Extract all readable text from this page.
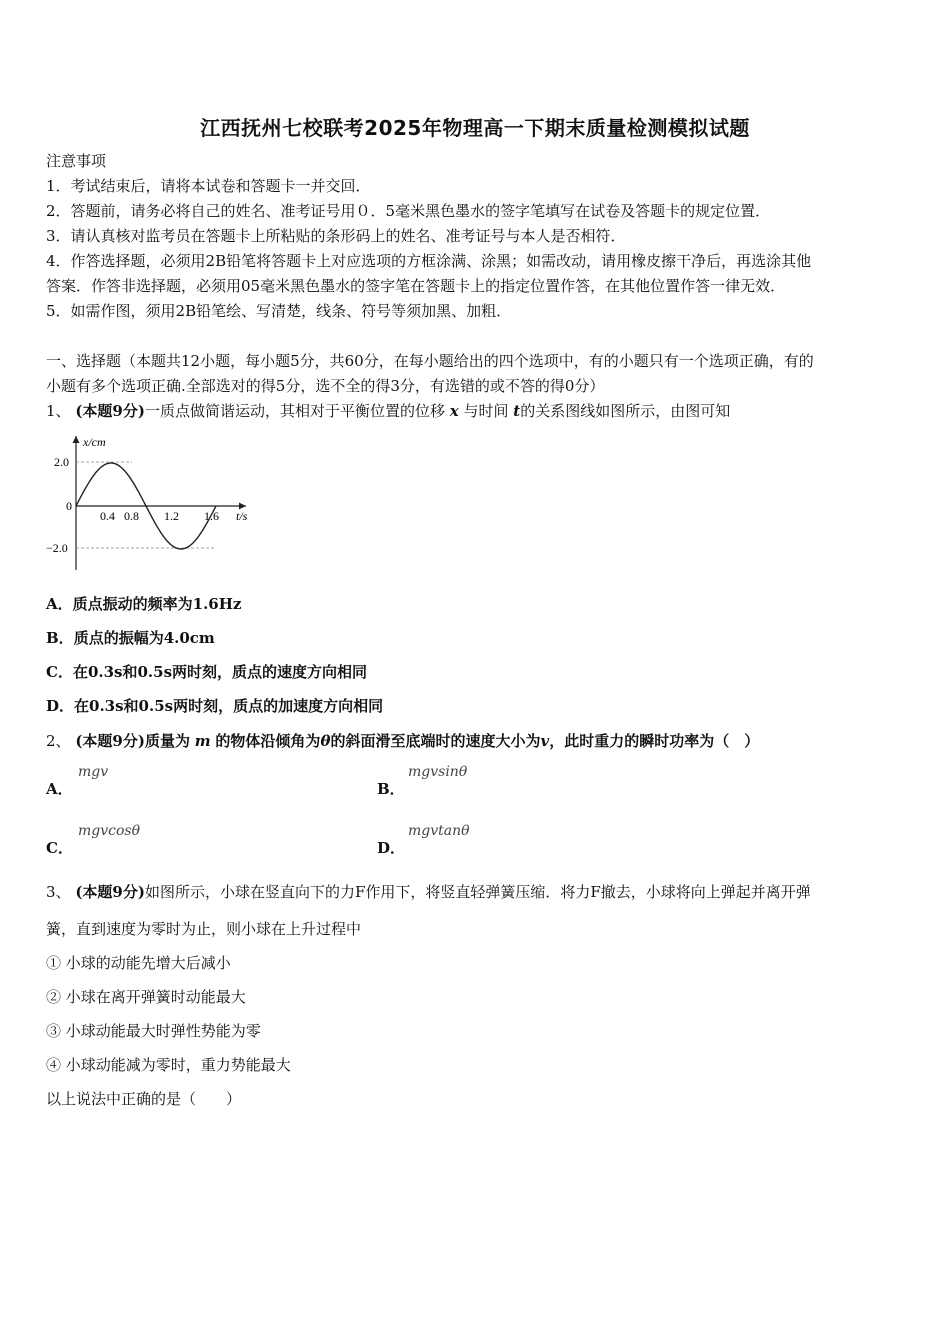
江西抚州七校联考2025年物理高一下期末质量检测模拟试题
注意事项
1．考试结束后，请将本试卷和答题卡一并交回．
2．答题前，请务必将自己的姓名、准考证号用０．5毫米黑色墨水的签字笔填写在试卷及答题卡的规定位置．
3．请认真核对监考员在答题卡上所粘贴的条形码上的姓名、准考证号与本人是否相符．
4．作答选择题，必须用2B铅笔将答题卡上对应选项的方框涂满、涂黑；如需改动，请用橡皮擦干净后，再选涂其他
答案．作答非选择题，必须用05毫米黑色墨水的签字笔在答题卡上的指定位置作答，在其他位置作答一律无效．
5．如需作图，须用2B铅笔绘、写清楚，线条、符号等须加黑、加粗．
一、选择题（本题共12小题，每小题5分，共60分，在每小题给出的四个选项中，有的小题只有一个选项正确，有的
小题有多个选项正确.全部选对的得5分，选不全的得3分，有选错的或不答的得0分）
1、 (本题9分)一质点做简谐运动，其相对于平衡位置的位移 x 与时间 t的关系图线如图所示，由图可知
x/cm
t/s
0
2.0
−2.0
0.4 0.8 1.2 1.6
A．质点振动的频率为1.6Hz
B．质点的振幅为4.0cm
C．在0.3s和0.5s两时刻，质点的速度方向相同
D．在0.3s和0.5s两时刻，质点的加速度方向相同
2、 (本题9分)质量为 m 的物体沿倾角为θ的斜面滑至底端时的速度大小为v，此时重力的瞬时功率为（　）
A．
mgv
B．
mgvsinθ
C．
mgvcosθ
D．
mgvtanθ
3、 (本题9分)如图所示，小球在竖直向下的力F作用下，将竖直轻弹簧压缩．将力F撤去，小球将向上弹起并离开弹
簧，直到速度为零时为止，则小球在上升过程中
① 小球的动能先增大后减小
② 小球在离开弹簧时动能最大
③ 小球动能最大时弹性势能为零
④ 小球动能减为零时，重力势能最大
以上说法中正确的是（　　）
